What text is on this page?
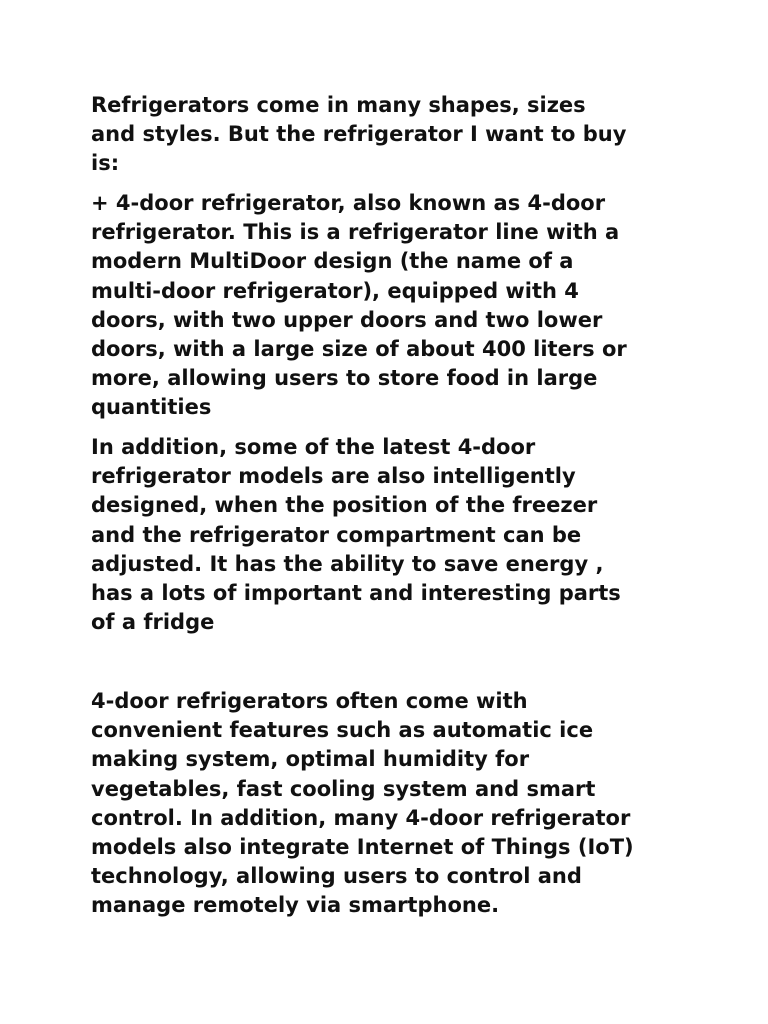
Refrigerators come in many shapes, sizes
and styles. But the refrigerator I want to buy
is:

+ 4-door refrigerator, also known as 4-door
refrigerator. This is a refrigerator line with a
modern MultiDoor design (the name of a
multi-door refrigerator), equipped with 4
doors, with two upper doors and two lower
doors, with a large size of about 400 liters or
more, allowing users to store food in large
quantities

In addition, some of the latest 4-door
refrigerator models are also intelligently
designed, when the position of the freezer
and the refrigerator compartment can be
adjusted. It has the ability to save energy ,
has a lots of important and interesting parts
of a fridge

4-door refrigerators often come with
convenient features such as automatic ice
making system, optimal humidity for
vegetables, fast cooling system and smart
control. In addition, many 4-door refrigerator
models also integrate Internet of Things (IoT)
technology, allowing users to control and
manage remotely via smartphone.
